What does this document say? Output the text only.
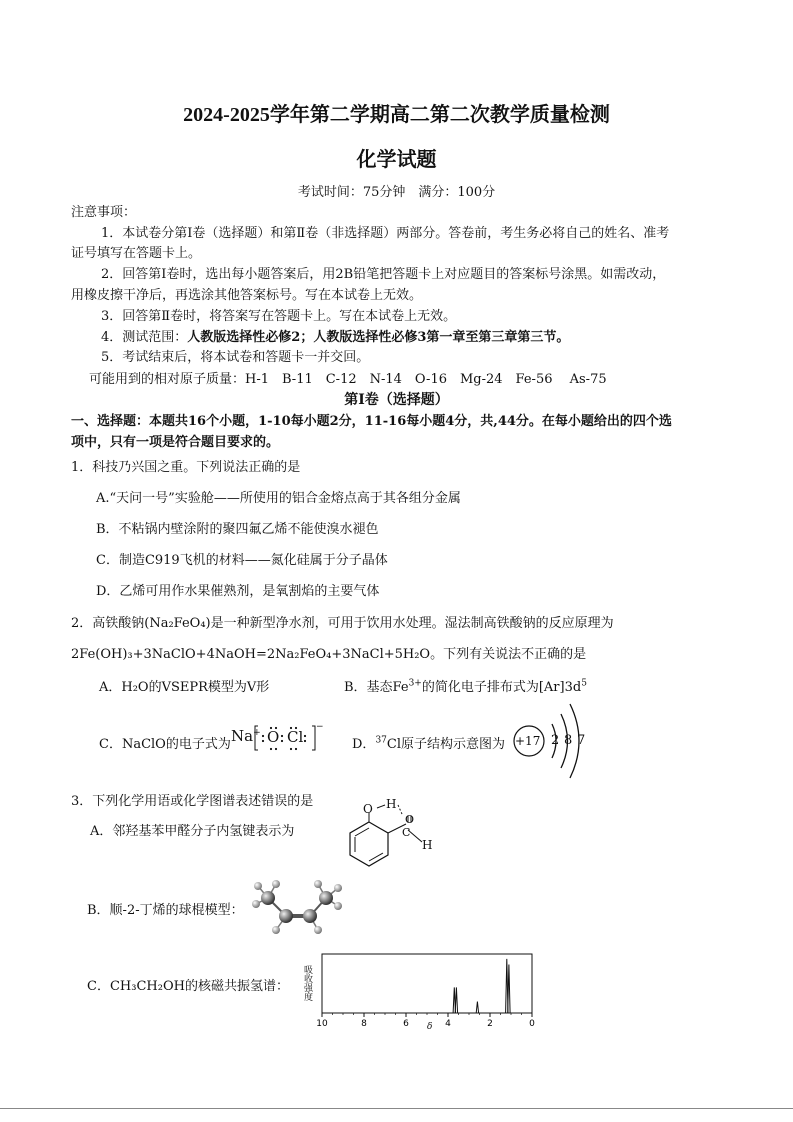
2024-2025学年第二学期高二第二次教学质量检测
化学试题
考试时间：75分钟　满分：100分
注意事项：
1．本试卷分第Ⅰ卷（选择题）和第Ⅱ卷（非选择题）两部分。答卷前，考生务必将自己的姓名、准考
证号填写在答题卡上。
2．回答第Ⅰ卷时，选出每小题答案后，用2B铅笔把答题卡上对应题目的答案标号涂黑。如需改动，
用橡皮擦干净后，再选涂其他答案标号。写在本试卷上无效。
3．回答第Ⅱ卷时，将答案写在答题卡上。写在本试卷上无效。
4．测试范围：人教版选择性必修2；人教版选择性必修3第一章至第三章第三节。
5．考试结束后，将本试卷和答题卡一并交回。
可能用到的相对原子质量：H-1　B-11　C-12　N-14　O-16　Mg-24　Fe-56　 As-75
第Ⅰ卷（选择题）
一、选择题：本题共16个小题，1-10每小题2分，11-16每小题4分，共,44分。在每小题给出的四个选
项中，只有一项是符合题目要求的。
1．科技乃兴国之重。下列说法正确的是
A.“天问一号”实验舱——所使用的铝合金熔点高于其各组分金属
B．不粘锅内壁涂附的聚四氟乙烯不能使溴水褪色
C．制造C919飞机的材料——氮化硅属于分子晶体
D．乙烯可用作水果催熟剂，是氧割焰的主要气体
2．高铁酸钠(Na₂FeO₄)是一种新型净水剂，可用于饮用水处理。湿法制高铁酸钠的反应原理为
2Fe(OH)₃+3NaClO+4NaOH=2Na₂FeO₄+3NaCl+5H₂O。下列有关说法不正确的是
A．H₂O的VSEPR模型为V形	B．基态$Fe^{3+}$的简化电子排布式为$[Ar]3d^5$
C．NaClO的电子式为 Na+ O Cl
−
D．$^{37}$Cl原子结构示意图为 +17 2 8 7
3．下列化学用语或化学图谱表述错误的是
A．邻羟基苯甲醛分子内氢键表示为
O H
O
C
H
B．顺-2-丁烯的球棍模型：
C．CH₃CH₂OH的核磁共振氢谱：
10	8	6	4	2	0
吸收强度
δ
